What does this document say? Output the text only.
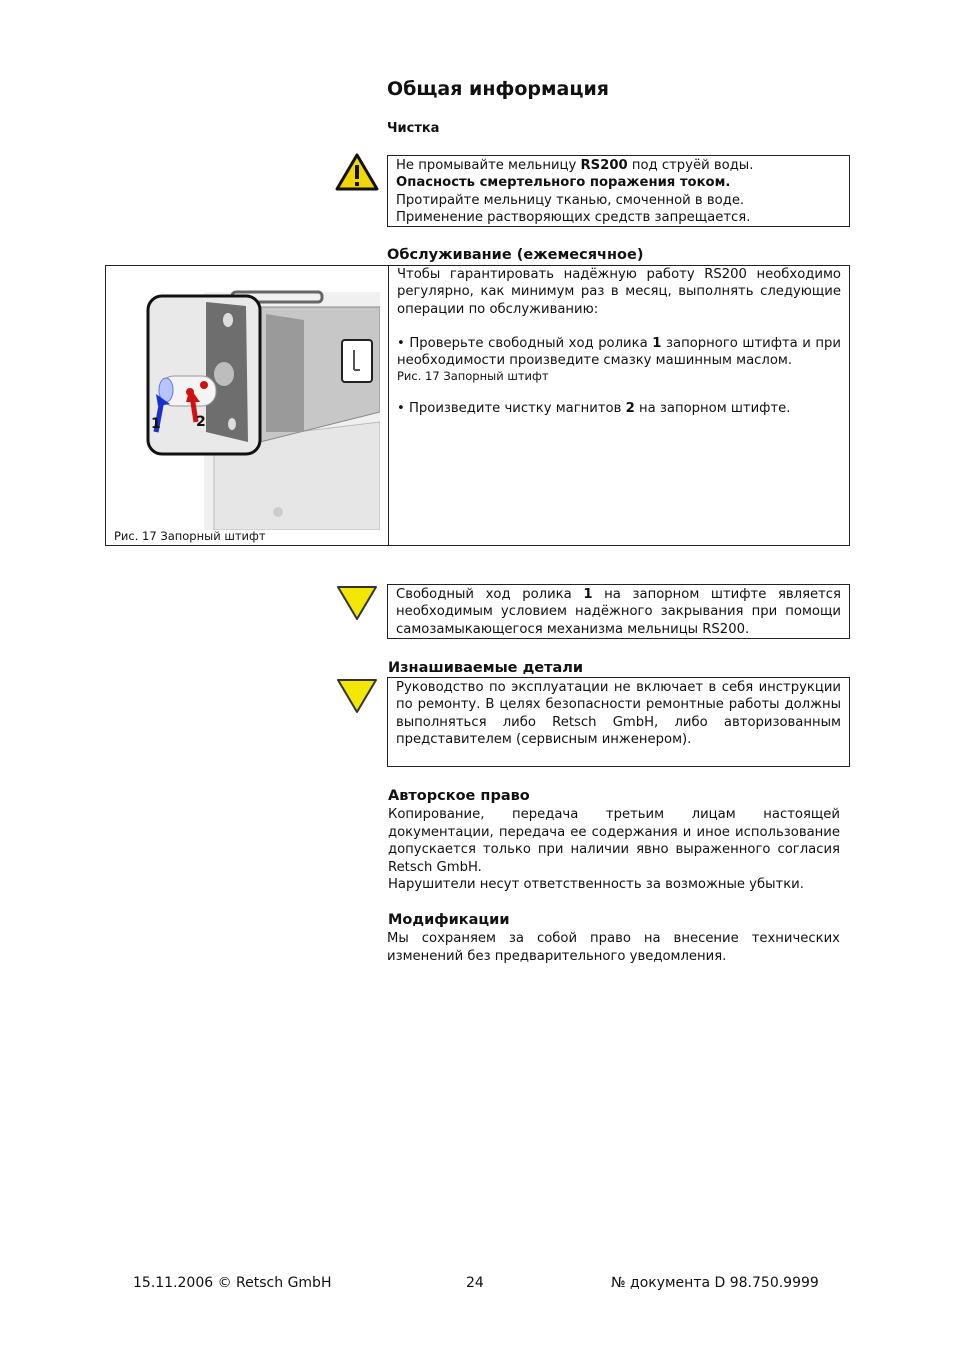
Общая информация
Чистка

Не промывайте мельницу RS200 под струёй воды.

Опасность смертельного поражения током.

Протирайте мельницу тканью, смоченной в воде.

Применение растворяющих средств запрещается.

Обслуживание (ежемесячное)
1	2
Рис. 17 Запорный штифт

Чтобы гарантировать надёжную работу RS200 необходимо регулярно, как минимум раз в месяц, выполнять следующие операции по обслуживанию:

• Проверьте свободный ход ролика 1 запорного штифта и при необходимости произведите смазку машинным маслом.

Рис. 17 Запорный штифт

• Произведите чистку магнитов 2 на запорном штифте.

Свободный ход ролика 1 на запорном штифте является необходимым условием надёжного закрывания при помощи самозамыкающегося механизма мельницы RS200.

Изнашиваемые детали

Руководство по эксплуатации не включает в себя инструкции по ремонту. В целях безопасности ремонтные работы должны выполняться либо Retsch GmbH, либо авторизованным представителем (сервисным инженером).

Авторское право

Копирование, передача третьим лицам настоящей документации, передача ее содержания и иное использование допускается только при наличии явно выраженного согласия Retsch GmbH.

Нарушители несут ответственность за возможные убытки.

Модификации

Мы сохраняем за собой право на внесение технических изменений без предварительного уведомления.

15.11.2006 © Retsch GmbH	24	№ документа D 98.750.9999
